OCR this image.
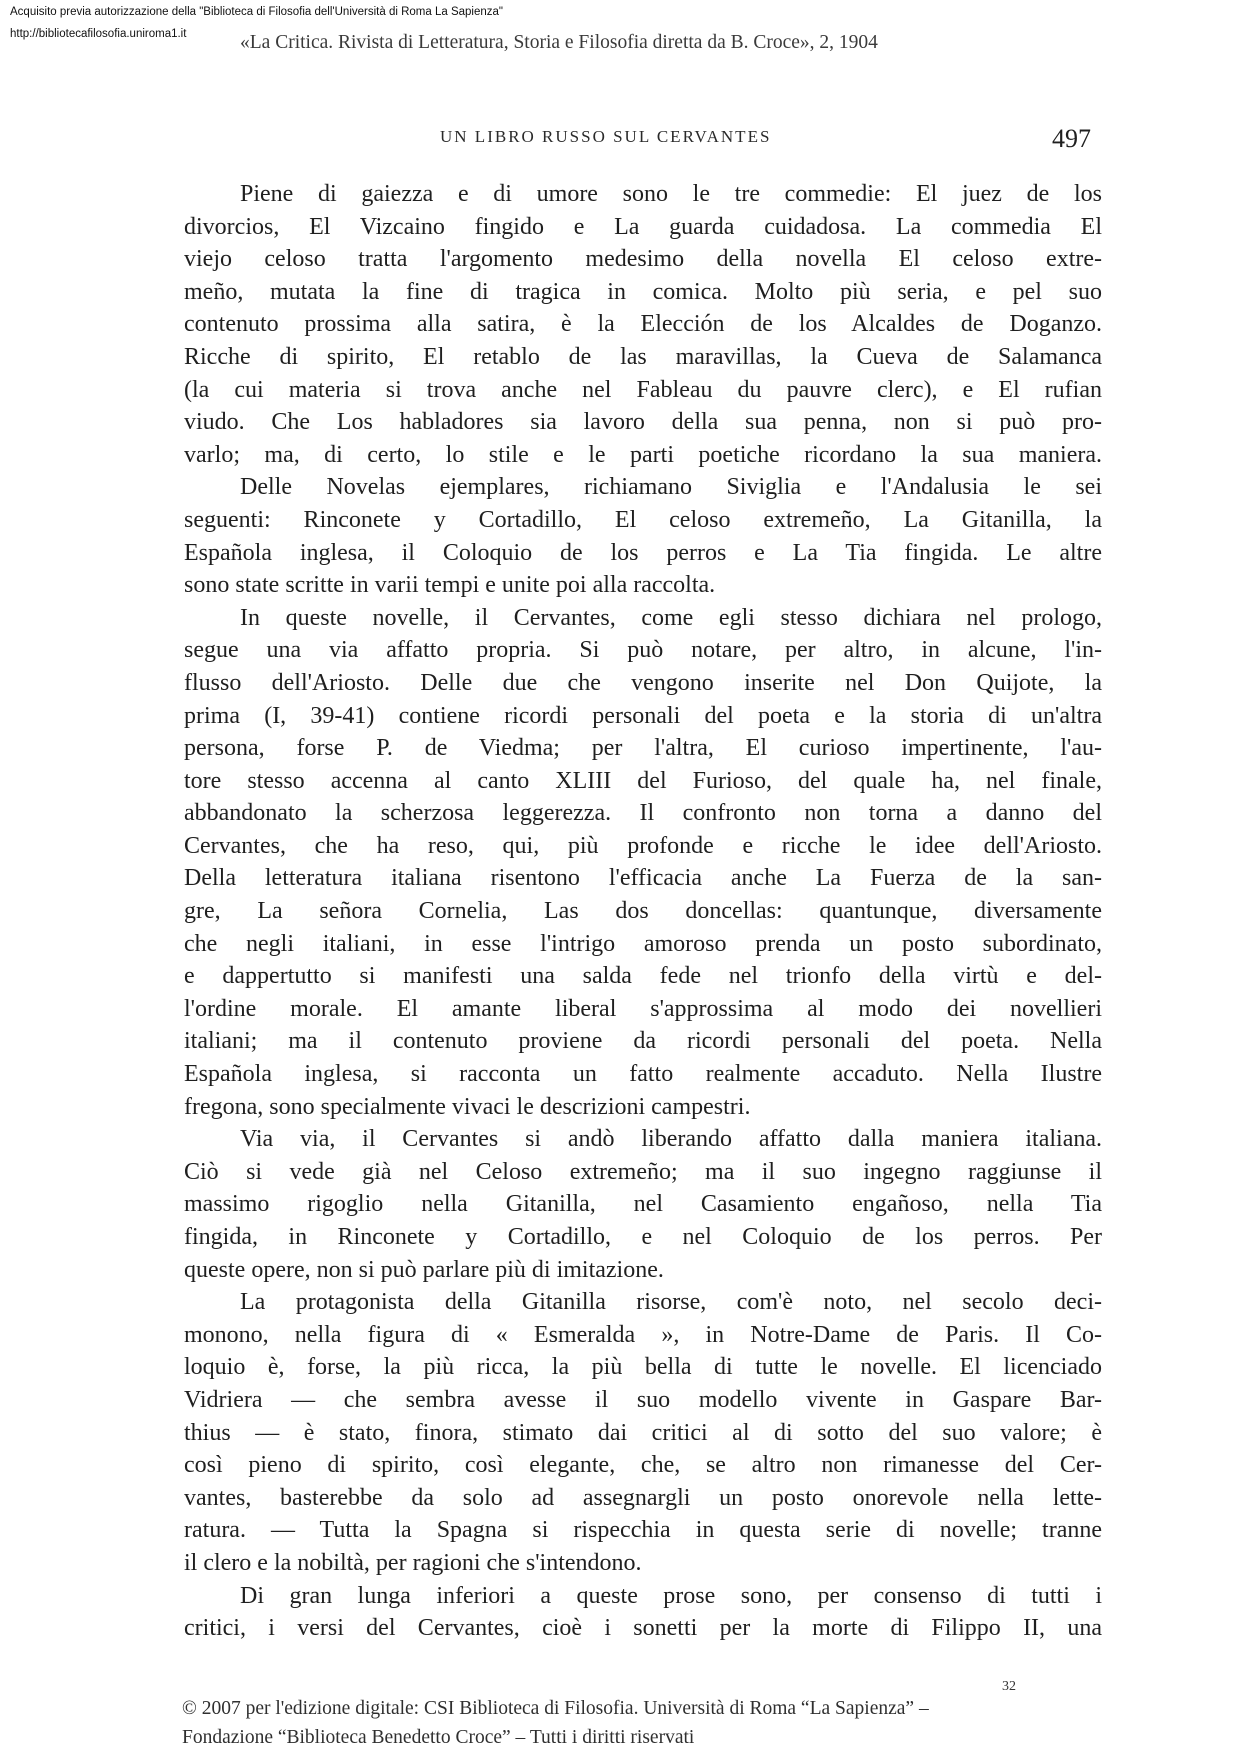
Acquisito previa autorizzazione della "Biblioteca di Filosofia dell'Università di Roma La Sapienza"
http://bibliotecafilosofia.uniroma1.it	«La Critica. Rivista di Letteratura, Storia e Filosofia diretta da B. Croce», 2, 1904
UN LIBRO RUSSO SUL CERVANTES	497
Piene di gaiezza e di umore sono le tre commedie: El juez de los
divorcios, El Vizcaino fingido e La guarda cuidadosa. La commedia El
viejo celoso tratta l'argomento medesimo della novella El celoso extre-
meño, mutata la fine di tragica in comica. Molto più seria, e pel suo
contenuto prossima alla satira, è la Elección de los Alcaldes de Doganzo.
Ricche di spirito, El retablo de las maravillas, la Cueva de Salamanca
(la cui materia si trova anche nel Fableau du pauvre clerc), e El rufian
viudo. Che Los habladores sia lavoro della sua penna, non si può pro-
varlo; ma, di certo, lo stile e le parti poetiche ricordano la sua maniera.
Delle Novelas ejemplares, richiamano Siviglia e l'Andalusia le sei
seguenti: Rinconete y Cortadillo, El celoso extremeño, La Gitanilla, la
Española inglesa, il Coloquio de los perros e La Tia fingida. Le altre
sono state scritte in varii tempi e unite poi alla raccolta.
In queste novelle, il Cervantes, come egli stesso dichiara nel prologo,
segue una via affatto propria. Si può notare, per altro, in alcune, l'in-
flusso dell'Ariosto. Delle due che vengono inserite nel Don Quijote, la
prima (I, 39-41) contiene ricordi personali del poeta e la storia di un'altra
persona, forse P. de Viedma; per l'altra, El curioso impertinente, l'au-
tore stesso accenna al canto XLIII del Furioso, del quale ha, nel finale,
abbandonato la scherzosa leggerezza. Il confronto non torna a danno del
Cervantes, che ha reso, qui, più profonde e ricche le idee dell'Ariosto.
Della letteratura italiana risentono l'efficacia anche La Fuerza de la san-
gre, La señora Cornelia, Las dos doncellas: quantunque, diversamente
che negli italiani, in esse l'intrigo amoroso prenda un posto subordinato,
e dappertutto si manifesti una salda fede nel trionfo della virtù e del-
l'ordine morale. El amante liberal s'approssima al modo dei novellieri
italiani; ma il contenuto proviene da ricordi personali del poeta. Nella
Española inglesa, si racconta un fatto realmente accaduto. Nella Ilustre
fregona, sono specialmente vivaci le descrizioni campestri.
Via via, il Cervantes si andò liberando affatto dalla maniera italiana.
Ciò si vede già nel Celoso extremeño; ma il suo ingegno raggiunse il
massimo rigoglio nella Gitanilla, nel Casamiento engañoso, nella Tia
fingida, in Rinconete y Cortadillo, e nel Coloquio de los perros. Per
queste opere, non si può parlare più di imitazione.
La protagonista della Gitanilla risorse, com'è noto, nel secolo deci-
monono, nella figura di « Esmeralda », in Notre-Dame de Paris. Il Co-
loquio è, forse, la più ricca, la più bella di tutte le novelle. El licenciado
Vidriera — che sembra avesse il suo modello vivente in Gaspare Bar-
thius — è stato, finora, stimato dai critici al di sotto del suo valore; è
così pieno di spirito, così elegante, che, se altro non rimanesse del Cer-
vantes, basterebbe da solo ad assegnargli un posto onorevole nella lette-
ratura. — Tutta la Spagna si rispecchia in questa serie di novelle; tranne
il clero e la nobiltà, per ragioni che s'intendono.
Di gran lunga inferiori a queste prose sono, per consenso di tutti i
critici, i versi del Cervantes, cioè i sonetti per la morte di Filippo II, una
32
© 2007 per l'edizione digitale: CSI Biblioteca di Filosofia. Università di Roma “La Sapienza” –
Fondazione “Biblioteca Benedetto Croce” – Tutti i diritti riservati
